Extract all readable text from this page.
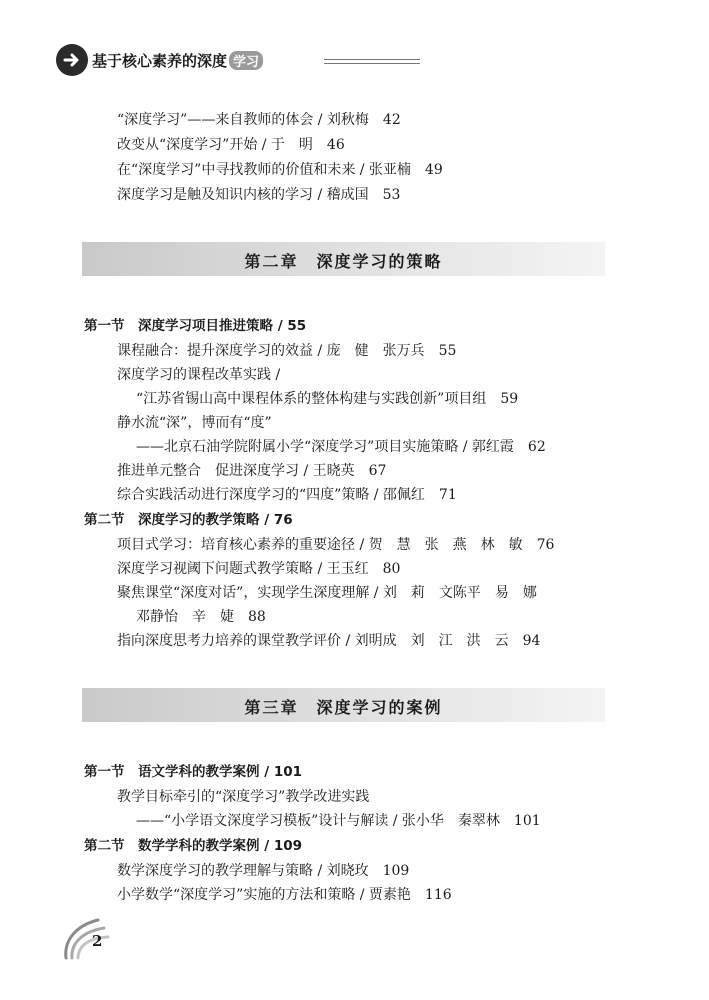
基于核心素养的深度 学习
“深度学习”——来自教师的体会 / 刘秋梅　42
改变从“深度学习”开始 / 于　明　46
在“深度学习”中寻找教师的价值和未来 / 张亚楠　49
深度学习是触及知识内核的学习 / 稽成国　53
第二章　深度学习的策略
第一节　深度学习项目推进策略 / 55
课程融合：提升深度学习的效益 / 庞　健　张万兵　55
深度学习的课程改革实践 /
“江苏省锡山高中课程体系的整体构建与实践创新”项目组　59
静水流“深”，博而有“度”
——北京石油学院附属小学“深度学习”项目实施策略 / 郭红霞　62
推进单元整合　促进深度学习 / 王晓英　67
综合实践活动进行深度学习的“四度”策略 / 邵佩红　71
第二节　深度学习的教学策略 / 76
项目式学习：培育核心素养的重要途径 / 贺　慧　张　燕　林　敏　76
深度学习视阈下问题式教学策略 / 王玉红　80
聚焦课堂“深度对话”，实现学生深度理解 / 刘　莉　文陈平　易　娜
邓静怡　辛　婕　88
指向深度思考力培养的课堂教学评价 / 刘明成　刘　江　洪　云　94
第三章　深度学习的案例
第一节　语文学科的教学案例 / 101
教学目标牵引的“深度学习”教学改进实践
——“小学语文深度学习模板”设计与解读 / 张小华　秦翠林　101
第二节　数学学科的教学案例 / 109
数学深度学习的教学理解与策略 / 刘晓玫　109
小学数学“深度学习”实施的方法和策略 / 贾素艳　116
2
